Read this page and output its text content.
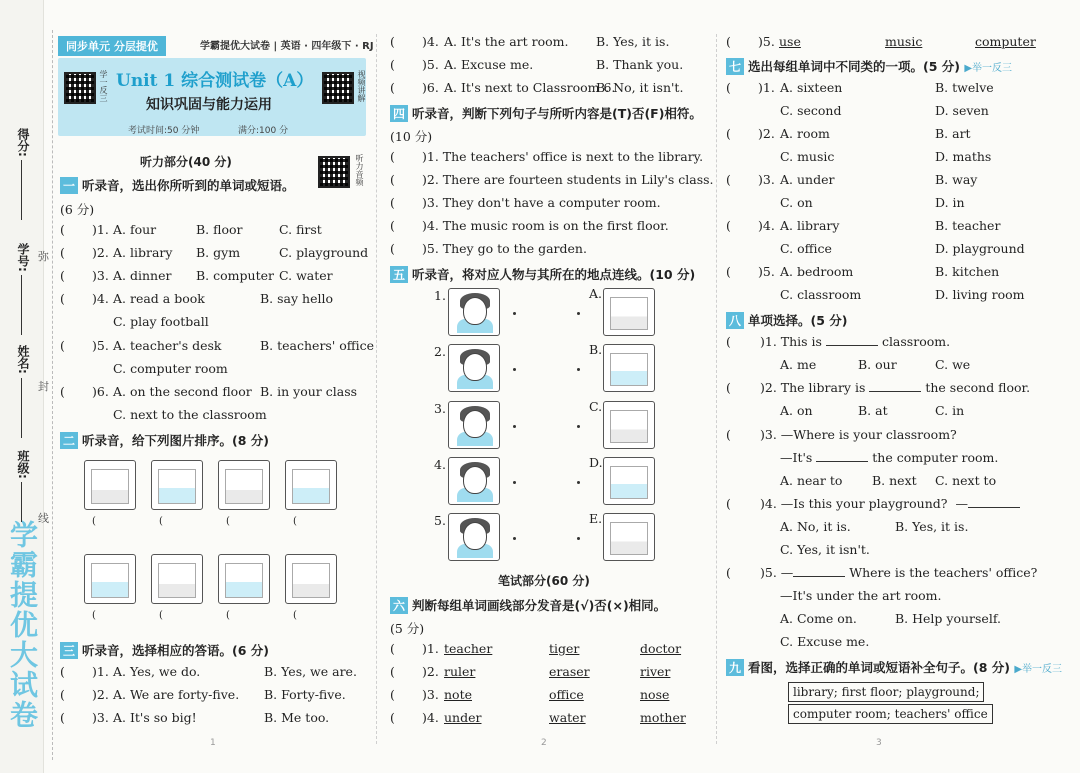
学霸提优大试卷
得分:
学号:
姓名:
班级:
弥
封
线
同步单元 分层提优	学霸提优大试卷 | 英语 · 四年级下 · RJ
学一反三	视频讲解
Unit 1 综合测试卷（A）
知识巩固与能力运用
考试时间:50 分钟	满分:100 分
听力部分(40 分)	听力音频
一 听录音，选出你所听到的单词或短语。
(6 分)
( )1. A. four	B. floor	C. first
( )2. A. library B. gym	C. playground
( )3. A. dinner B. computer C. water
( )4. A. read a book	B. say hello
C. play football
( )5. A. teacher's desk	B. teachers' office
C. computer room
( )6. A. on the second floor B. in your class
C. next to the classroom
二 听录音，给下列图片排序。(8 分)
(	(	(	(
(	(	(	(
三 听录音，选择相应的答语。(6 分)
( )1. A. Yes, we do.	B. Yes, we are.
( )2. A. We are forty-five. B. Forty-five.
( )3. A. It's so big!	B. Me too.
( )4. A. It's the art room. B. Yes, it is.
( )5. A. Excuse me.	B. Thank you.
( )6. A. It's next to Classroom 6.
B. No, it isn't.
四 听录音，判断下列句子与所听内容是(T)否(F)相符。
(10 分)
( )1. The teachers' office is next to the library.
( )2. There are fourteen students in Lily's class.
( )3. They don't have a computer room.
( )4. The music room is on the first floor.
( )5. They go to the garden.
五 听录音，将对应人物与其所在的地点连线。(10 分)
1.	A.
2.	B.
3.	C.
4.	D.
5.	E.
笔试部分(60 分)
六 判断每组单词画线部分发音是(√)否(×)相同。
(5 分)
( )1. teacher	tiger	doctor
( )2. ruler	eraser	river
( )3. note	office	nose
( )4. under	water	mother
( )5. use	music	computer
七 选出每组单词中不同类的一项。(5 分) ▶举一反三
( )1. A. sixteen	B. twelve
C. second	D. seven
( )2. A. room	B. art
C. music	D. maths
( )3. A. under	B. way
C. on	D. in
( )4. A. library	B. teacher
C. office	D. playground
( )5. A. bedroom	B. kitchen
C. classroom	D. living room
八 单项选择。(5 分)
( )1. This is	classroom.
A. me	B. our	C. we
( )2. The library is	the second floor.
A. on	B. at	C. in
( )3. —Where is your classroom?
—It's	the computer room.
A. near to B. next C. next to
( )4. —Is this your playground? —
A. No, it is.	B. Yes, it is.
C. Yes, it isn't.
( )5. —	Where is the teachers' office?
—It's under the art room.
A. Come on.	B. Help yourself.
C. Excuse me.
九 看图，选择正确的单词或短语补全句子。(8 分) ▶举一反三
library; first floor; playground;
computer room; teachers' office
1	2	3
